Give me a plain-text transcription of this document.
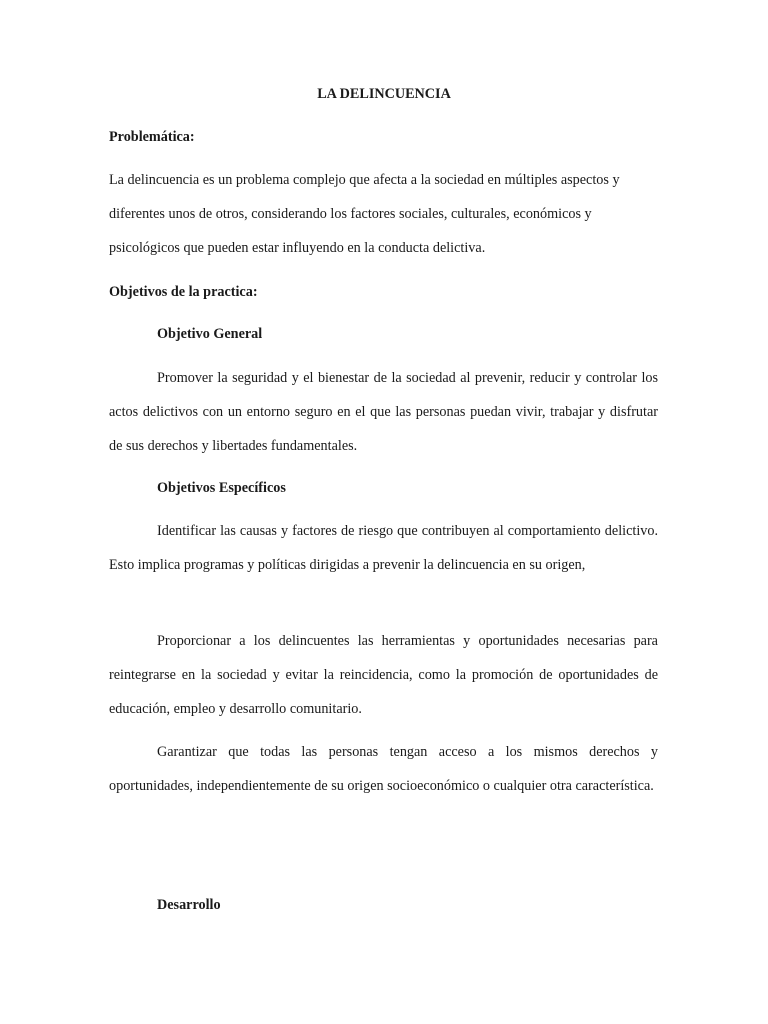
LA DELINCUENCIA

Problemática:

La delincuencia es un problema complejo que afecta a la sociedad en múltiples aspectos y diferentes unos de otros, considerando los factores sociales, culturales, económicos y psicológicos que pueden estar influyendo en la conducta delictiva.

Objetivos de la practica:

Objetivo General

Promover la seguridad y el bienestar de la sociedad al prevenir, reducir y controlar los actos delictivos con un entorno seguro en el que las personas puedan vivir, trabajar y disfrutar de sus derechos y libertades fundamentales.

Objetivos Específicos

Identificar las causas y factores de riesgo que contribuyen al comportamiento delictivo. Esto implica programas y políticas dirigidas a prevenir la delincuencia en su origen,

Proporcionar a los delincuentes las herramientas y oportunidades necesarias para reintegrarse en la sociedad y evitar la reincidencia, como la promoción de oportunidades de educación, empleo y desarrollo comunitario.

Garantizar que todas las personas tengan acceso a los mismos derechos y oportunidades, independientemente de su origen socioeconómico o cualquier otra característica.

Desarrollo
